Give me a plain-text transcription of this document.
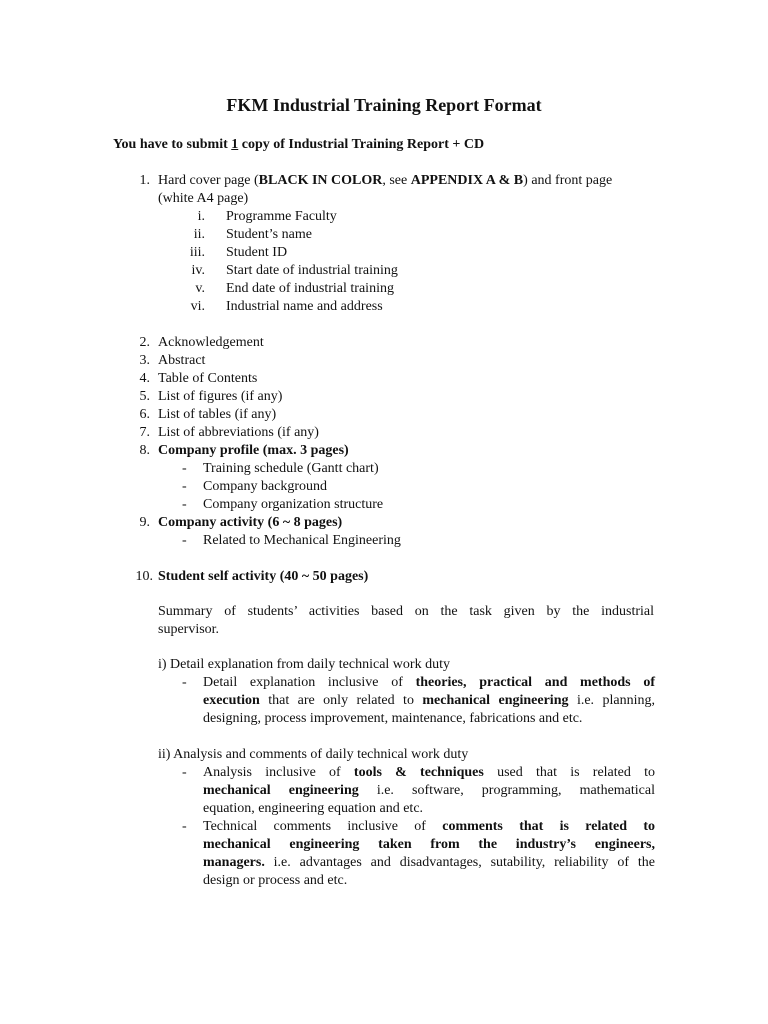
FKM Industrial Training Report Format
You have to submit 1 copy of Industrial Training Report + CD
1. Hard cover page (BLACK IN COLOR, see APPENDIX A & B) and front page
(white A4 page)
i. Programme Faculty
ii. Student’s name
iii. Student ID
iv. Start date of industrial training
v. End date of industrial training
vi. Industrial name and address
2. Acknowledgement
3. Abstract
4. Table of Contents
5. List of figures (if any)
6. List of tables (if any)
7. List of abbreviations (if any)
8. Company profile (max. 3 pages)
- Training schedule (Gantt chart)
- Company background
- Company organization structure
9. Company activity (6 ~ 8 pages)
- Related to Mechanical Engineering
10. Student self activity (40 ~ 50 pages)
Summary of students’ activities based on the task given by the industrial
supervisor.
i) Detail explanation from daily technical work duty
- Detail explanation inclusive of theories, practical and methods of
execution that are only related to mechanical engineering i.e. planning,
designing, process improvement, maintenance, fabrications and etc.
ii) Analysis and comments of daily technical work duty
- Analysis inclusive of tools & techniques used that is related to
mechanical engineering i.e. software, programming, mathematical
equation, engineering equation and etc.
- Technical comments inclusive of comments that is related to
mechanical engineering taken from the industry’s engineers,
managers. i.e. advantages and disadvantages, sutability, reliability of the
design or process and etc.
